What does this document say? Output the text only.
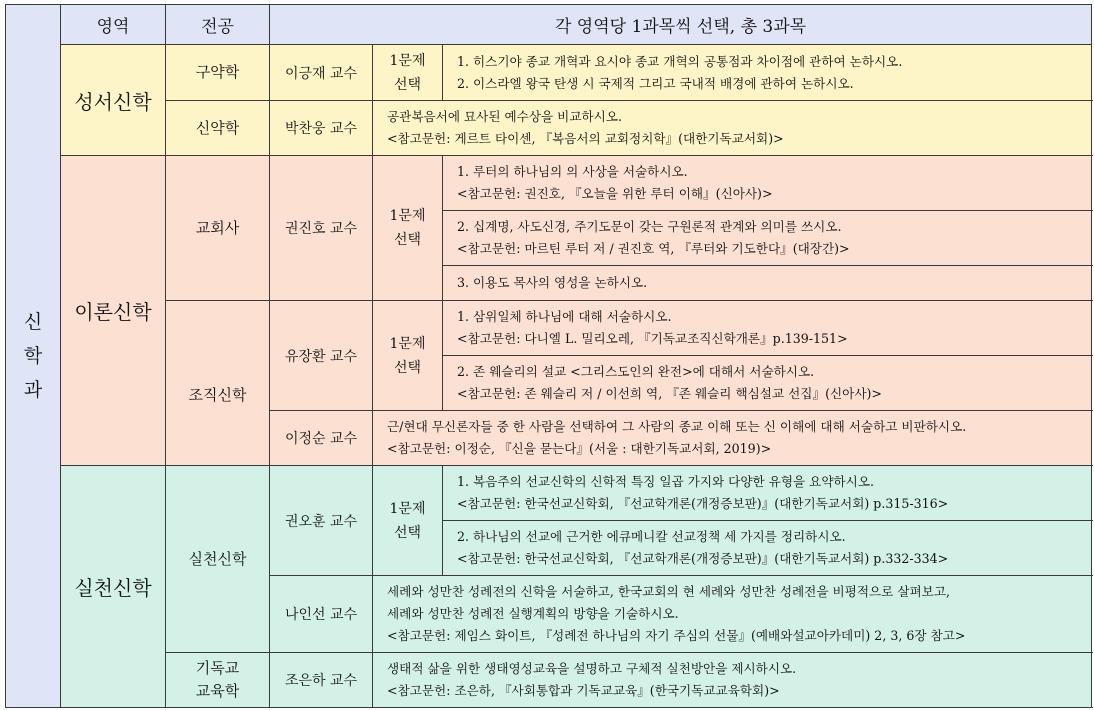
신
학
과	영역	전공	각 영역당 1과목씩 선택, 총 3과목		
	성서신학	구약학	이긍재 교수	1문제
선택	1. 히스기야 종교 개혁과 요시야 종교 개혁의 공통점과 차이점에 관하여 논하시오.
2. 이스라엘 왕국 탄생 시 국제적 그리고 국내적 배경에 관하여 논하시오.

		신약학	박찬웅 교수	공관복음서에 묘사된 예수상을 비교하시오.
<참고문헌: 게르트 타이센, 『복음서의 교회정치학』(대한기독교서회)>	

	이론신학	교회사	권진호 교수	1문제
선택	1. 루터의 하나님의 의 사상을 서술하시오.
<참고문헌: 권진호, 『오늘을 위한 루터 이해』(신아사)>

					2. 십계명, 사도신경, 주기도문이 갖는 구원론적 관계와 의미를 쓰시오.
<참고문헌: 마르틴 루터 저 / 권진호 역, 『루터와 기도한다』(대장간)>

					3. 이용도 목사의 영성을 논하시오.

		조직신학	유장환 교수	1문제
선택	1. 삼위일체 하나님에 대해 서술하시오.
<참고문헌: 다니엘 L. 밀리오레, 『기독교조직신학개론』p.139-151>

					2. 존 웨슬리의 설교 <그리스도인의 완전>에 대해서 서술하시오.
<참고문헌: 존 웨슬리 저 / 이선희 역, 『존 웨슬리 핵심설교 선집』(신아사)>

			이정순 교수	근/현대 무신론자들 중 한 사람을 선택하여 그 사람의 종교 이해 또는 신 이해에 대해 서술하고 비판하시오.
<참고문헌: 이정순, 『신을 묻는다』(서울 : 대한기독교서회, 2019)>	

	실천신학	실천신학	권오훈 교수	1문제
선택	1. 복음주의 선교신학의 신학적 특징 일곱 가지와 다양한 유형을 요약하시오.
<참고문헌: 한국선교신학회, 『선교학개론(개정증보판)』(대한기독교서회) p.315-316>

					2. 하나님의 선교에 근거한 에큐메니칼 선교정책 세 가지를 정리하시오.
<참고문헌: 한국선교신학회, 『선교학개론(개정증보판)』(대한기독교서회) p.332-334>

			나인선 교수	세례와 성만찬 성례전의 신학을 서술하고, 한국교회의 현 세례와 성만찬 성례전을 비평적으로 살펴보고,
세례와 성만찬 성례전 실행계획의 방향을 기술하시오.
<참고문헌: 제임스 화이트, 『성례전 하나님의 자기 주심의 선물』(예배와설교아카데미) 2, 3, 6장 참고>	

		기독교
교육학	조은하 교수	생태적 삶을 위한 생태영성교육을 설명하고 구체적 실천방안을 제시하시오.
<참고문헌: 조은하, 『사회통합과 기독교교육』(한국기독교교육학회)>	
